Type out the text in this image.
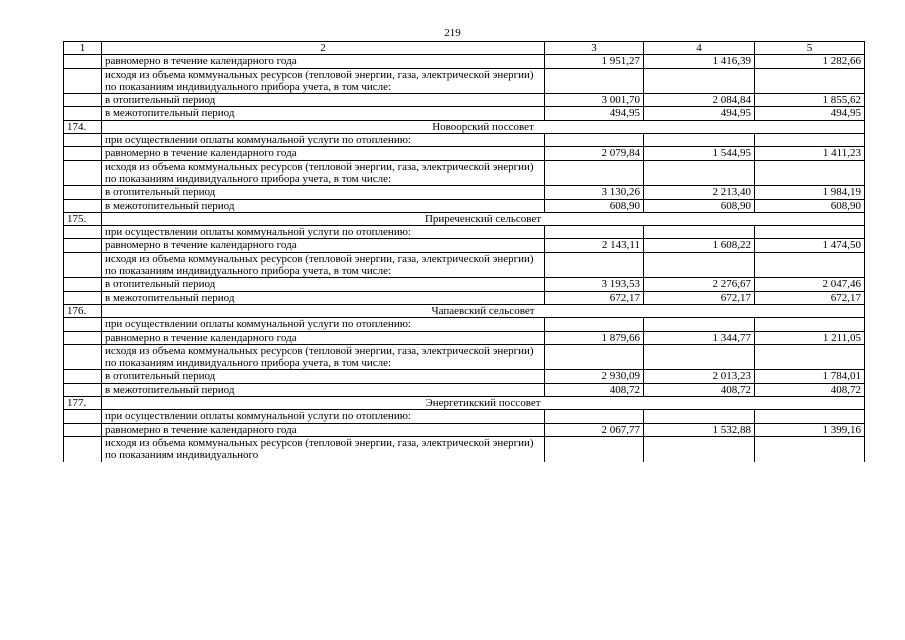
219
1	2	3	4	5
	равномерно в течение календарного года	1 951,27	1 416,39	1 282,66
	исходя из объема коммунальных ресурсов (тепловой энергии, газа, электрической энергии) по показаниям индивидуального прибора учета, в том числе:			
	в отопительный период	3 001,70	2 084,84	1 855,62
	в межотопительный период	494,95	494,95	494,95
174.	Новоорский поссовет			
	при осуществлении оплаты коммунальной услуги по отоплению:			
	равномерно в течение календарного года	2 079,84	1 544,95	1 411,23
	исходя из объема коммунальных ресурсов (тепловой энергии, газа, электрической энергии) по показаниям индивидуального прибора учета, в том числе:			
	в отопительный период	3 130,26	2 213,40	1 984,19
	в межотопительный период	608,90	608,90	608,90
175.	Приреченский сельсовет			
	при осуществлении оплаты коммунальной услуги по отоплению:			
	равномерно в течение календарного года	2 143,11	1 608,22	1 474,50
	исходя из объема коммунальных ресурсов (тепловой энергии, газа, электрической энергии) по показаниям индивидуального прибора учета, в том числе:			
	в отопительный период	3 193,53	2 276,67	2 047,46
	в межотопительный период	672,17	672,17	672,17
176.	Чапаевский сельсовет			
	при осуществлении оплаты коммунальной услуги по отоплению:			
	равномерно в течение календарного года	1 879,66	1 344,77	1 211,05
	исходя из объема коммунальных ресурсов (тепловой энергии, газа, электрической энергии) по показаниям индивидуального прибора учета, в том числе:			
	в отопительный период	2 930,09	2 013,23	1 784,01
	в межотопительный период	408,72	408,72	408,72
177.	Энергетикский поссовет			
	при осуществлении оплаты коммунальной услуги по отоплению:			
	равномерно в течение календарного года	2 067,77	1 532,88	1 399,16
	исходя из объема коммунальных ресурсов (тепловой энергии, газа, электрической энергии) по показаниям индивидуального			
